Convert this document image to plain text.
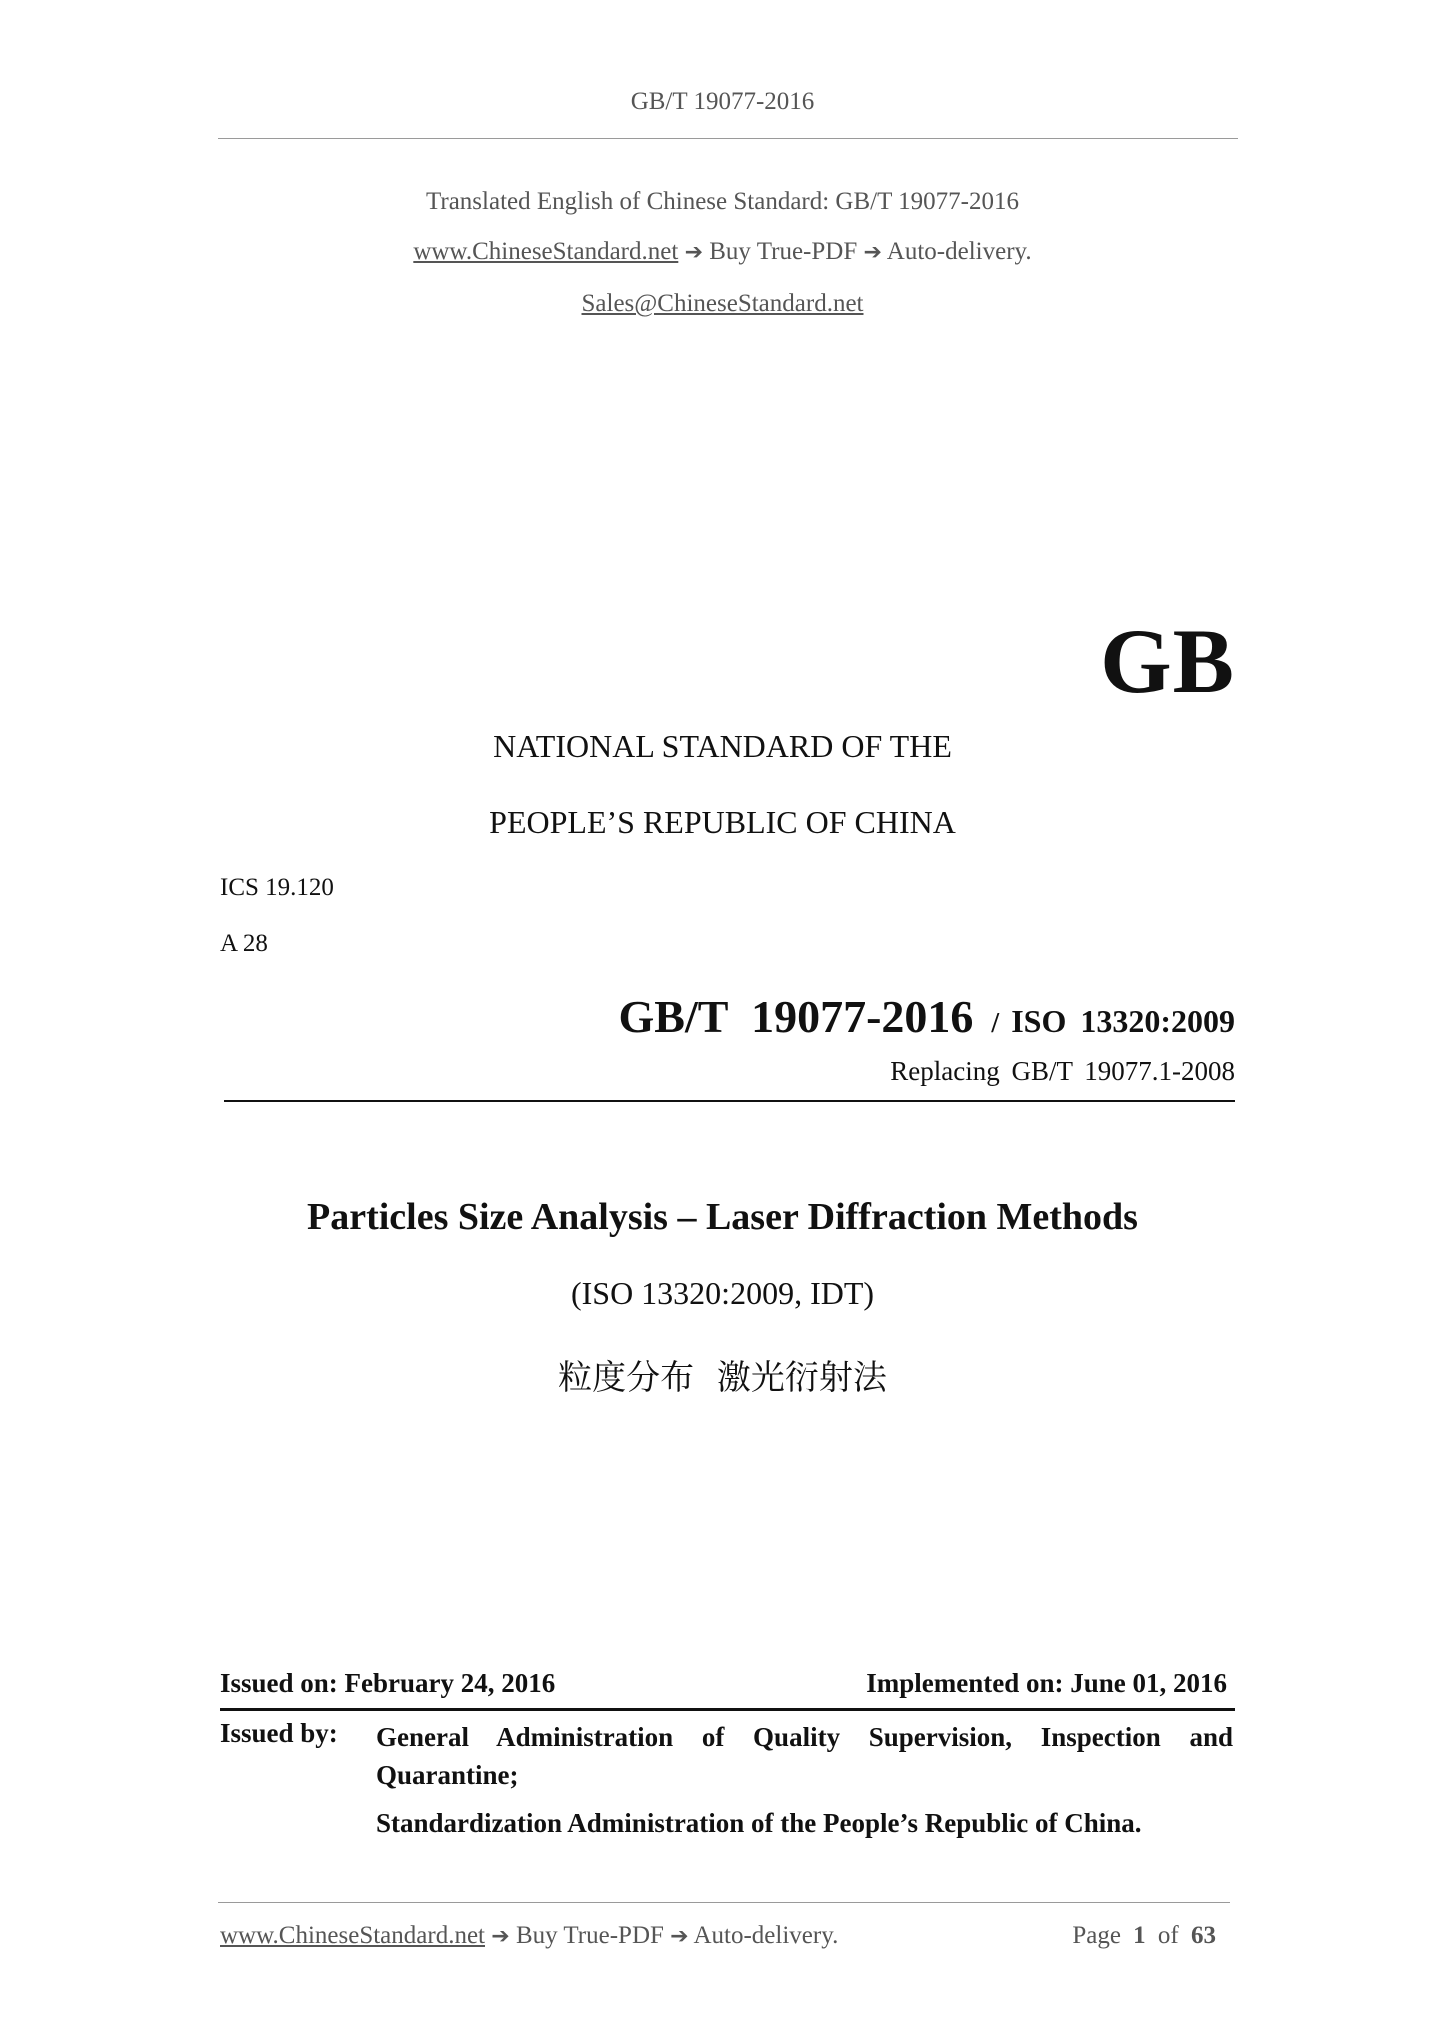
GB/T 19077-2016
Translated English of Chinese Standard: GB/T 19077-2016
www.ChineseStandard.net ➔ Buy True-PDF ➔ Auto-delivery.
Sales@ChineseStandard.net
GB
NATIONAL STANDARD OF THE
PEOPLE’S REPUBLIC OF CHINA
ICS 19.120
A 28
GB/T 19077-2016 / ISO 13320:2009
Replacing GB/T 19077.1-2008
Particles Size Analysis – Laser Diffraction Methods
(ISO 13320:2009, IDT)
粒度分布 激光衍射法
Issued on: February 24, 2016	Implemented on: June 01, 2016
Issued by: General Administration of Quality Supervision, Inspection and Quarantine;
Standardization Administration of the People’s Republic of China.
www.ChineseStandard.net ➔ Buy True-PDF ➔ Auto-delivery.	Page 1 of 63
